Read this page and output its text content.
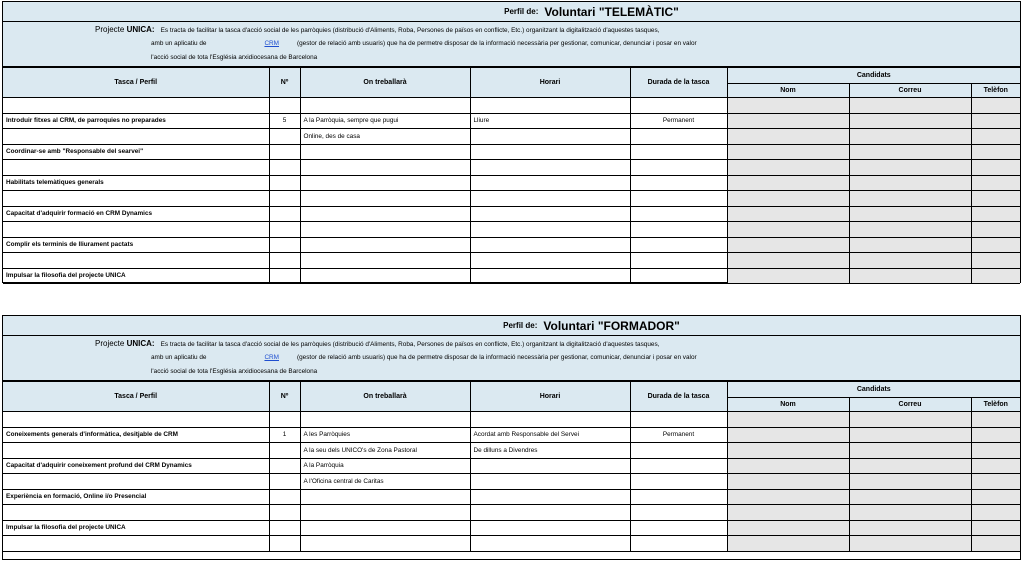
Perfil de: Voluntari "TELEMÀTIC"
Projecte UNICA: Es tracta de facilitar la tasca d'acció social de les parròquies (distribució d'Aliments, Roba, Persones de països en conflicte, Etc.) organitzant la digitalització d'aquestes tasques,
amb un aplicatiu de	CRM	(gestor de relació amb usuaris) que ha de permetre disposar de la informació necessària per gestionar, comunicar, denunciar i posar en valor
l'acció social de tota l'Església arxidiocesana de Barcelona
Tasca / Perfil	Nº	On treballarà	Horari	Durada de la tasca	Candidats		
					Nom	Correu	Telèfon

Introduir fitxes al CRM, de parroquies no preparades	5	A la Parròquia, sempre que pugui	Lliure	Permanent			
		Online, des de casa					
Coordinar-se amb "Responsable del searvei"							

Habilitats telemàtiques generals							

Capacitat d'adquirir formació en CRM Dynamics							

Complir els terminis de lliurament pactats							

Impulsar la filosofia del projecte UNICA							
Perfil de: Voluntari "FORMADOR"
Projecte UNICA: Es tracta de facilitar la tasca d'acció social de les parròquies (distribució d'Aliments, Roba, Persones de països en conflicte, Etc.) organitzant la digitalització d'aquestes tasques,
amb un aplicatiu de	CRM	(gestor de relació amb usuaris) que ha de permetre disposar de la informació necessària per gestionar, comunicar, denunciar i posar en valor
l'acció social de tota l'Església arxidiocesana de Barcelona
Tasca / Perfil	Nº	On treballarà	Horari	Durada de la tasca	Candidats		
					Nom	Correu	Telèfon

Coneixements generals d'informàtica, desitjable de CRM	1	A les Parròquies	Acordat amb Responsable del Servei	Permanent			
		A la seu dels UNICO's de Zona Pastoral	De dilluns a Divendres				
Capacitat d'adquirir coneixement profund del CRM Dynamics		A la Parròquia					
		A l'Oficina central de Caritas					
Experiència en formació, Online i/o Presencial							

Impulsar la filosofia del projecte UNICA							
